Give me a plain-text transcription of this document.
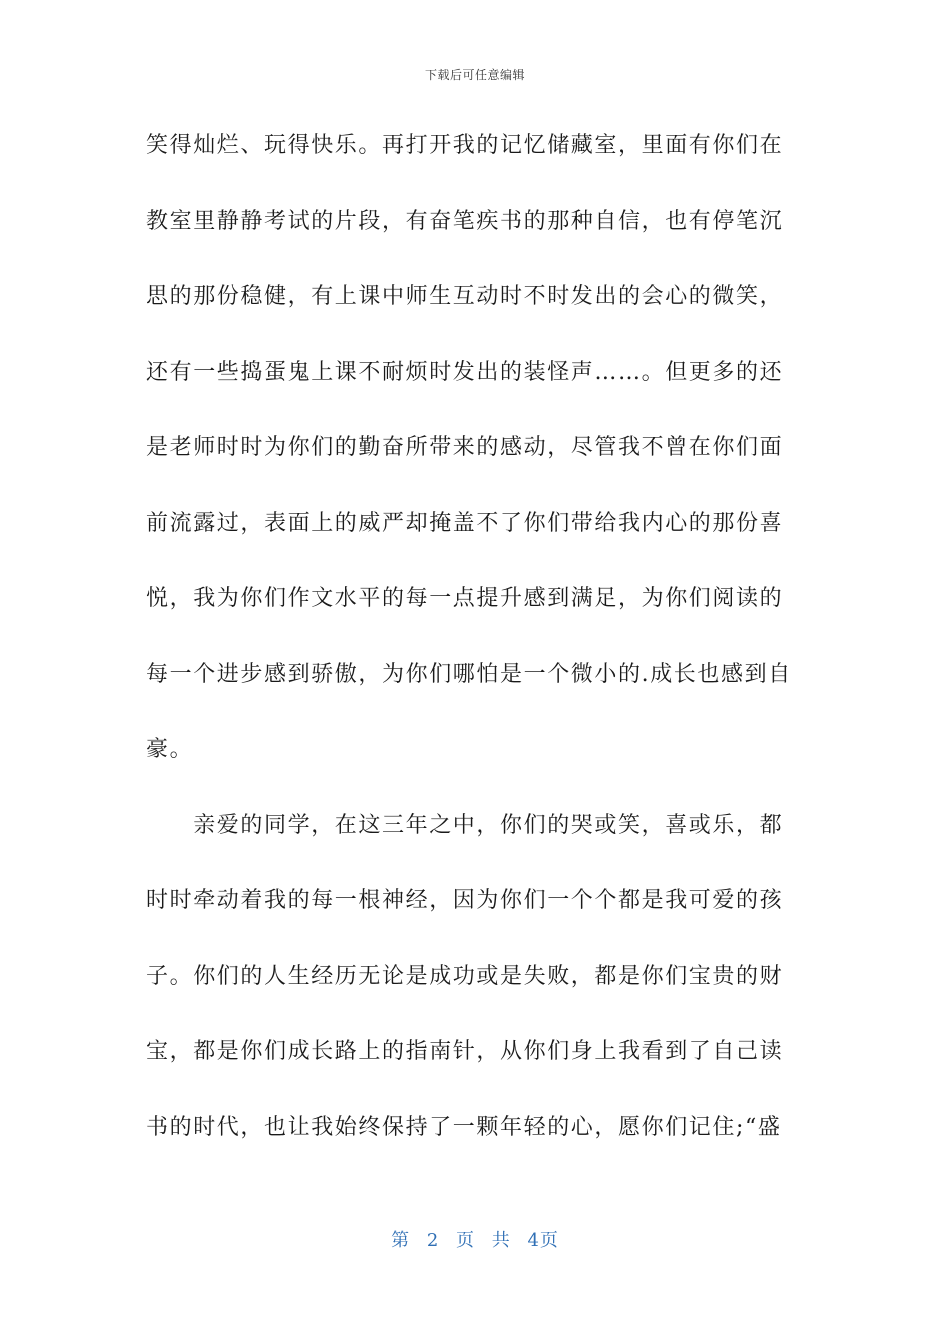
下载后可任意编辑
笑得灿烂、玩得快乐。再打开我的记忆储藏室，里面有你们在
教室里静静考试的片段，有奋笔疾书的那种自信，也有停笔沉
思的那份稳健，有上课中师生互动时不时发出的会心的微笑，
还有一些捣蛋鬼上课不耐烦时发出的装怪声……。但更多的还
是老师时时为你们的勤奋所带来的感动，尽管我不曾在你们面
前流露过，表面上的威严却掩盖不了你们带给我内心的那份喜
悦，我为你们作文水平的每一点提升感到满足，为你们阅读的
每一个进步感到骄傲，为你们哪怕是一个微小的.成长也感到自
豪。
　　亲爱的同学，在这三年之中，你们的哭或笑，喜或乐，都
时时牵动着我的每一根神经，因为你们一个个都是我可爱的孩
子。你们的人生经历无论是成功或是失败，都是你们宝贵的财
宝，都是你们成长路上的指南针，从你们身上我看到了自己读
书的时代，也让我始终保持了一颗年轻的心，愿你们记住;“盛
第 2 页 共 4页
